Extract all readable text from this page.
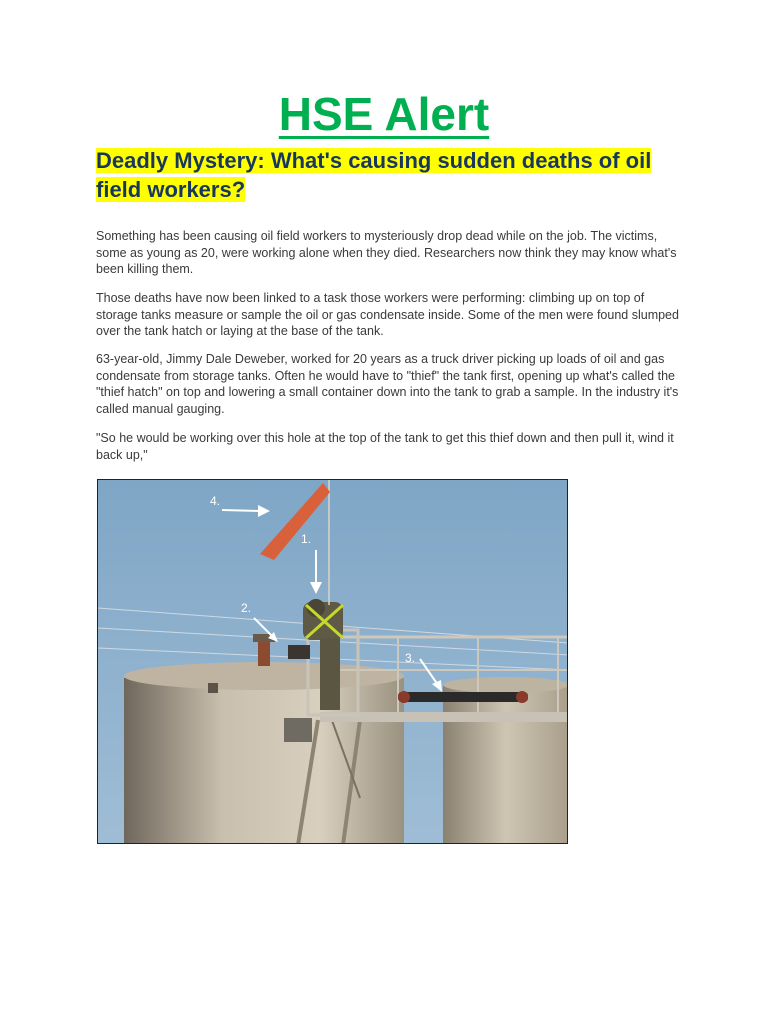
HSE Alert
Deadly Mystery: What's causing sudden deaths of oil field workers?

Something has been causing oil field workers to mysteriously drop dead while on the job. The victims, some as young as 20, were working alone when they died. Researchers now think they may know what's been killing them.

Those deaths have now been linked to a task those workers were performing: climbing up on top of storage tanks measure or sample the oil or gas condensate inside. Some of the men were found slumped over the tank hatch or laying at the base of the tank.

63-year-old, Jimmy Dale Deweber, worked for 20 years as a truck driver picking up loads of oil and gas condensate from storage tanks. Often he would have to "thief" the tank first, opening up what's called the "thief hatch" on top and lowering a small container down into the tank to grab a sample. In the industry it's called manual gauging.

"So he would be working over this hole at the top of the tank to get this thief down and then pull it, wind it back up,"

1.
2.
3.
4.
